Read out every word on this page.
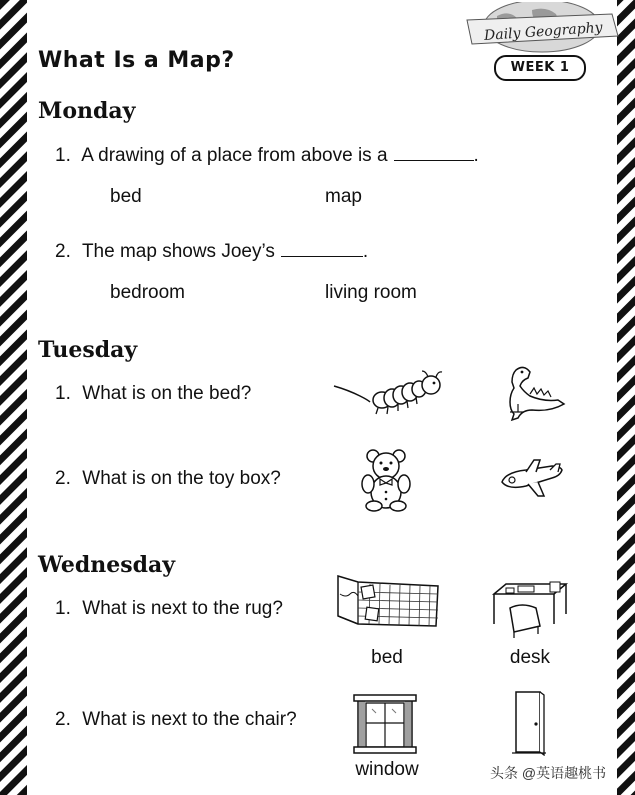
Daily Geography
What Is a Map?	WEEK 1
Monday
1. A drawing of a place from above is a	.
bed	map
2. The map shows Joey’s	.
bedroom	living room
Tuesday
1. What is on the bed?
2. What is on the toy box?
Wednesday
1. What is next to the rug?
bed	desk
2. What is next to the chair?
window	头条 @英语趣桃书
